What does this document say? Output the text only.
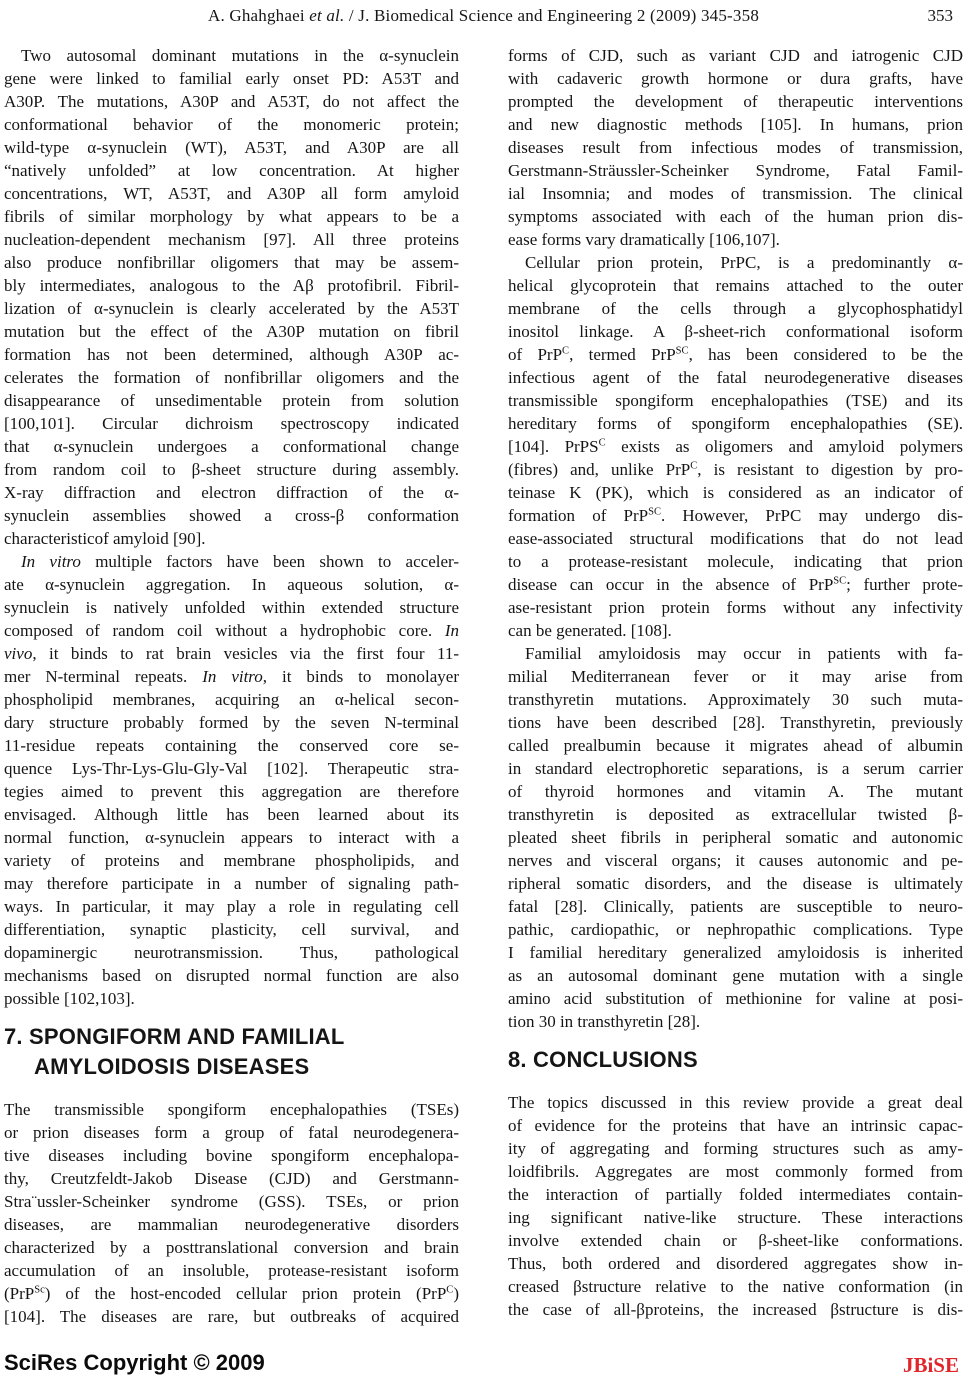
A. Ghahghaei et al. / J. Biomedical Science and Engineering 2 (2009) 345-358	353
Two autosomal dominant mutations in the α-synuclein
gene were linked to familial early onset PD: A53T and
A30P. The mutations, A30P and A53T, do not affect the
conformational behavior of the monomeric protein;
wild-type α-synuclein (WT), A53T, and A30P are all
“natively unfolded” at low concentration. At higher
concentrations, WT, A53T, and A30P all form amyloid
fibrils of similar morphology by what appears to be a
nucleation-dependent mechanism [97]. All three proteins
also produce nonfibrillar oligomers that may be assem-
bly intermediates, analogous to the Aβ protofibril. Fibril-
lization of α-synuclein is clearly accelerated by the A53T
mutation but the effect of the A30P mutation on fibril
formation has not been determined, although A30P ac-
celerates the formation of nonfibrillar oligomers and the
disappearance of unsedimentable protein from solution
[100,101]. Circular dichroism spectroscopy indicated
that α-synuclein undergoes a conformational change
from random coil to β-sheet structure during assembly.
X-ray diffraction and electron diffraction of the α-
synuclein assemblies showed a cross-β conformation
characteristicof amyloid [90].
In vitro multiple factors have been shown to acceler-
ate α-synuclein aggregation. In aqueous solution, α-
synuclein is natively unfolded within extended structure
composed of random coil without a hydrophobic core. In
vivo, it binds to rat brain vesicles via the first four 11-
mer N-terminal repeats. In vitro, it binds to monolayer
phospholipid membranes, acquiring an α-helical secon-
dary structure probably formed by the seven N-terminal
11-residue repeats containing the conserved core se-
quence Lys-Thr-Lys-Glu-Gly-Val [102]. Therapeutic stra-
tegies aimed to prevent this aggregation are therefore
envisaged. Although little has been learned about its
normal function, α-synuclein appears to interact with a
variety of proteins and membrane phospholipids, and
may therefore participate in a number of signaling path-
ways. In particular, it may play a role in regulating cell
differentiation, synaptic plasticity, cell survival, and
dopaminergic neurotransmission. Thus, pathological
mechanisms based on disrupted normal function are also
possible [102,103].
7. SPONGIFORM AND FAMILIAL
AMYLOIDOSIS DISEASES
The transmissible spongiform encephalopathies (TSEs)
or prion diseases form a group of fatal neurodegenera-
tive diseases including bovine spongiform encephalopa-
thy, Creutzfeldt-Jakob Disease (CJD) and Gerstmann-
Stra¨ussler-Scheinker syndrome (GSS). TSEs, or prion
diseases, are mammalian neurodegenerative disorders
characterized by a posttranslational conversion and brain
accumulation of an insoluble, protease-resistant isoform
(PrP$^{Sc}$) of the host-encoded cellular prion protein (PrP$^C$)
[104]. The diseases are rare, but outbreaks of acquired
forms of CJD, such as variant CJD and iatrogenic CJD
with cadaveric growth hormone or dura grafts, have
prompted the development of therapeutic interventions
and new diagnostic methods [105]. In humans, prion
diseases result from infectious modes of transmission,
Gerstmann-Sträussler-Scheinker Syndrome, Fatal Famil-
ial Insomnia; and modes of transmission. The clinical
symptoms associated with each of the human prion dis-
ease forms vary dramatically [106,107].
Cellular prion protein, PrPC, is a predominantly α-
helical glycoprotein that remains attached to the outer
membrane of the cells through a glycophosphatidyl
inositol linkage. A β-sheet-rich conformational isoform
of PrP$^C$, termed PrP$^{SC}$, has been considered to be the
infectious agent of the fatal neurodegenerative diseases
transmissible spongiform encephalopathies (TSE) and its
hereditary forms of spongiform encephalopathies (SE).
[104]. PrPS$^C$ exists as oligomers and amyloid polymers
(fibres) and, unlike PrP$^C$, is resistant to digestion by pro-
teinase K (PK), which is considered as an indicator of
formation of PrP$^{SC}$. However, PrPC may undergo dis-
ease-associated structural modifications that do not lead
to a protease-resistant molecule, indicating that prion
disease can occur in the absence of PrP$^{SC}$; further prote-
ase-resistant prion protein forms without any infectivity
can be generated. [108].
Familial amyloidosis may occur in patients with fa-
milial Mediterranean fever or it may arise from
transthyretin mutations. Approximately 30 such muta-
tions have been described [28]. Transthyretin, previously
called prealbumin because it migrates ahead of albumin
in standard electrophoretic separations, is a serum carrier
of thyroid hormones and vitamin A. The mutant
transthyretin is deposited as extracellular twisted β-
pleated sheet fibrils in peripheral somatic and autonomic
nerves and visceral organs; it causes autonomic and pe-
ripheral somatic disorders, and the disease is ultimately
fatal [28]. Clinically, patients are susceptible to neuro-
pathic, cardiopathic, or nephropathic complications. Type
I familial hereditary generalized amyloidosis is inherited
as an autosomal dominant gene mutation with a single
amino acid substitution of methionine for valine at posi-
tion 30 in transthyretin [28].
8. CONCLUSIONS
The topics discussed in this review provide a great deal
of evidence for the proteins that have an intrinsic capac-
ity of aggregating and forming structures such as amy-
loidfibrils. Aggregates are most commonly formed from
the interaction of partially folded intermediates contain-
ing significant native-like structure. These interactions
involve extended chain or β-sheet-like conformations.
Thus, both ordered and disordered aggregates show in-
creased βstructure relative to the native conformation (in
the case of all-βproteins, the increased βstructure is dis-
SciRes Copyright © 2009	JBiSE
